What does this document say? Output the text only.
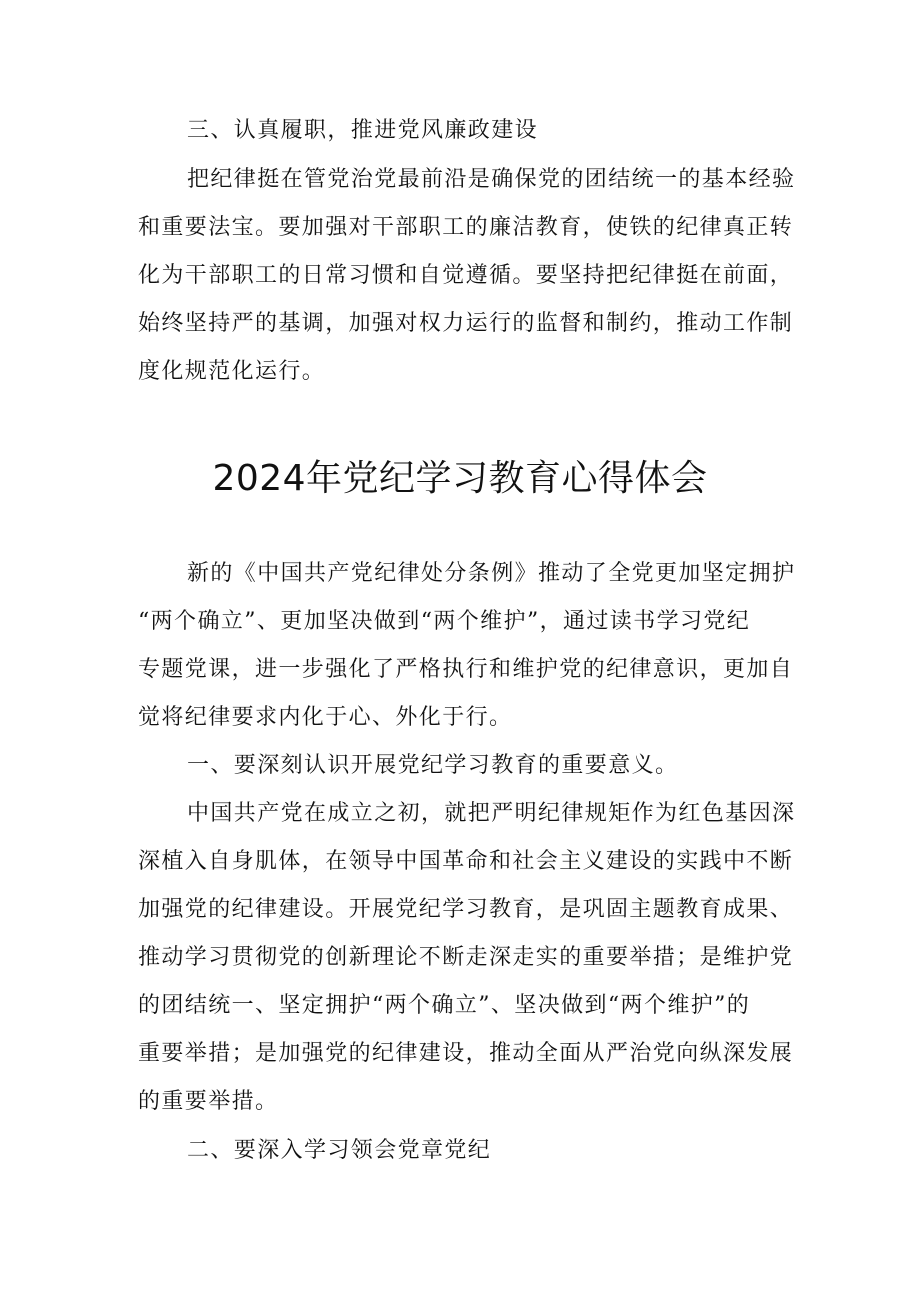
三、认真履职，推进党风廉政建设
把纪律挺在管党治党最前沿是确保党的团结统一的基本经验
和重要法宝。要加强对干部职工的廉洁教育，使铁的纪律真正转
化为干部职工的日常习惯和自觉遵循。要坚持把纪律挺在前面，
始终坚持严的基调，加强对权力运行的监督和制约，推动工作制
度化规范化运行。
2024年党纪学习教育心得体会
新的《中国共产党纪律处分条例》推动了全党更加坚定拥护
“两个确立”、更加坚决做到“两个维护”，通过读书学习党纪
专题党课，进一步强化了严格执行和维护党的纪律意识，更加自
觉将纪律要求内化于心、外化于行。
一、要深刻认识开展党纪学习教育的重要意义。
中国共产党在成立之初，就把严明纪律规矩作为红色基因深
深植入自身肌体，在领导中国革命和社会主义建设的实践中不断
加强党的纪律建设。开展党纪学习教育，是巩固主题教育成果、
推动学习贯彻党的创新理论不断走深走实的重要举措；是维护党
的团结统一、坚定拥护“两个确立”、坚决做到“两个维护”的
重要举措；是加强党的纪律建设，推动全面从严治党向纵深发展
的重要举措。
二、要深入学习领会党章党纪
